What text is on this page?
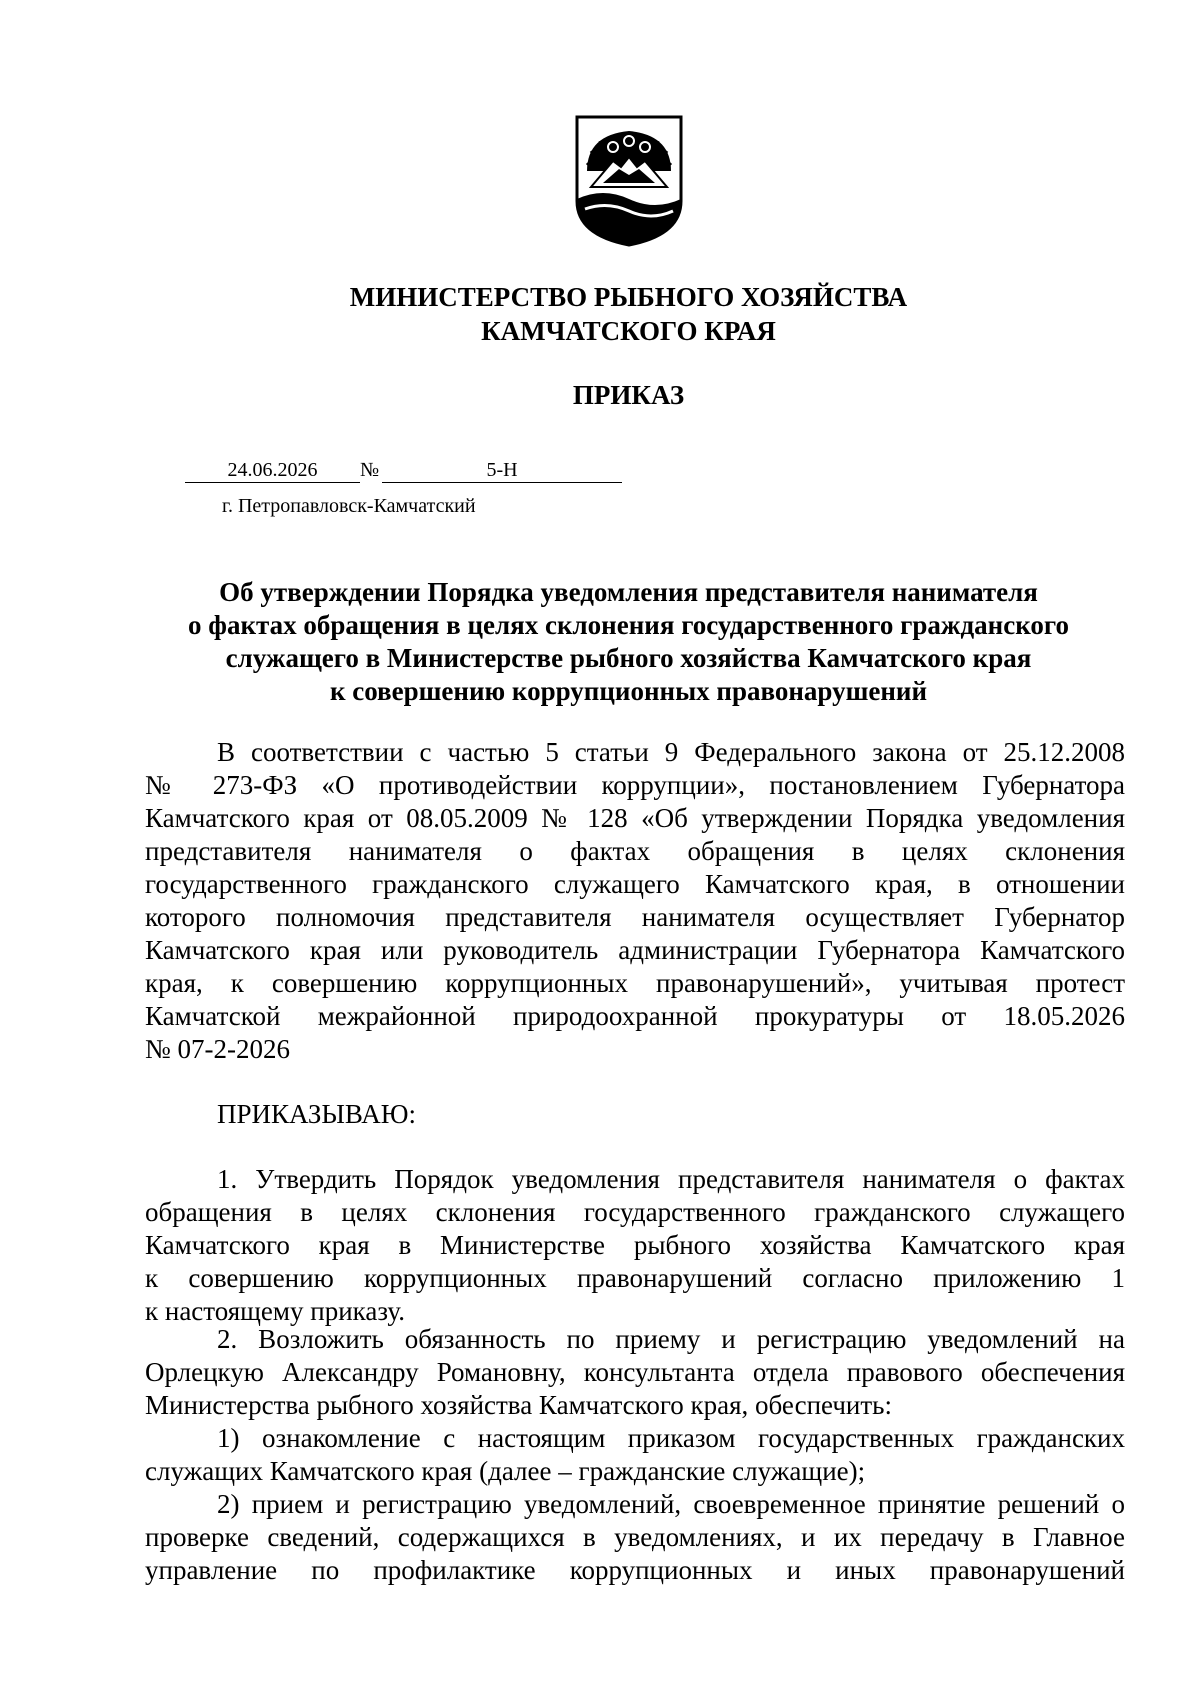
МИНИСТЕРСТВО РЫБНОГО ХОЗЯЙСТВА
КАМЧАТСКОГО КРАЯ
ПРИКАЗ
24.06.2026 №	5-Н
г. Петропавловск-Камчатский
Об утверждении Порядка уведомления представителя нанимателя
о фактах обращения в целях склонения государственного гражданского
служащего в Министерстве рыбного хозяйства Камчатского края
к совершению коррупционных правонарушений
В соответствии с частью 5 статьи 9 Федерального закона от 25.12.2008
№ 273-ФЗ «О противодействии коррупции», постановлением Губернатора
Камчатского края от 08.05.2009 № 128 «Об утверждении Порядка уведомления
представителя нанимателя о фактах обращения в целях склонения
государственного гражданского служащего Камчатского края, в отношении
которого полномочия представителя нанимателя осуществляет Губернатор
Камчатского края или руководитель администрации Губернатора Камчатского
края, к совершению коррупционных правонарушений», учитывая протест
Камчатской межрайонной природоохранной прокуратуры от 18.05.2026
№ 07-2-2026
ПРИКАЗЫВАЮ:
1. Утвердить Порядок уведомления представителя нанимателя о фактах
обращения в целях склонения государственного гражданского служащего
Камчатского края в Министерстве рыбного хозяйства Камчатского края
к совершению коррупционных правонарушений согласно приложению 1
к настоящему приказу.
2. Возложить обязанность по приему и регистрацию уведомлений на
Орлецкую Александру Романовну, консультанта отдела правового обеспечения
Министерства рыбного хозяйства Камчатского края, обеспечить:
1) ознакомление с настоящим приказом государственных гражданских
служащих Камчатского края (далее – гражданские служащие);
2) прием и регистрацию уведомлений, своевременное принятие решений о
проверке сведений, содержащихся в уведомлениях, и их передачу в Главное
управление по профилактике коррупционных и иных правонарушений
